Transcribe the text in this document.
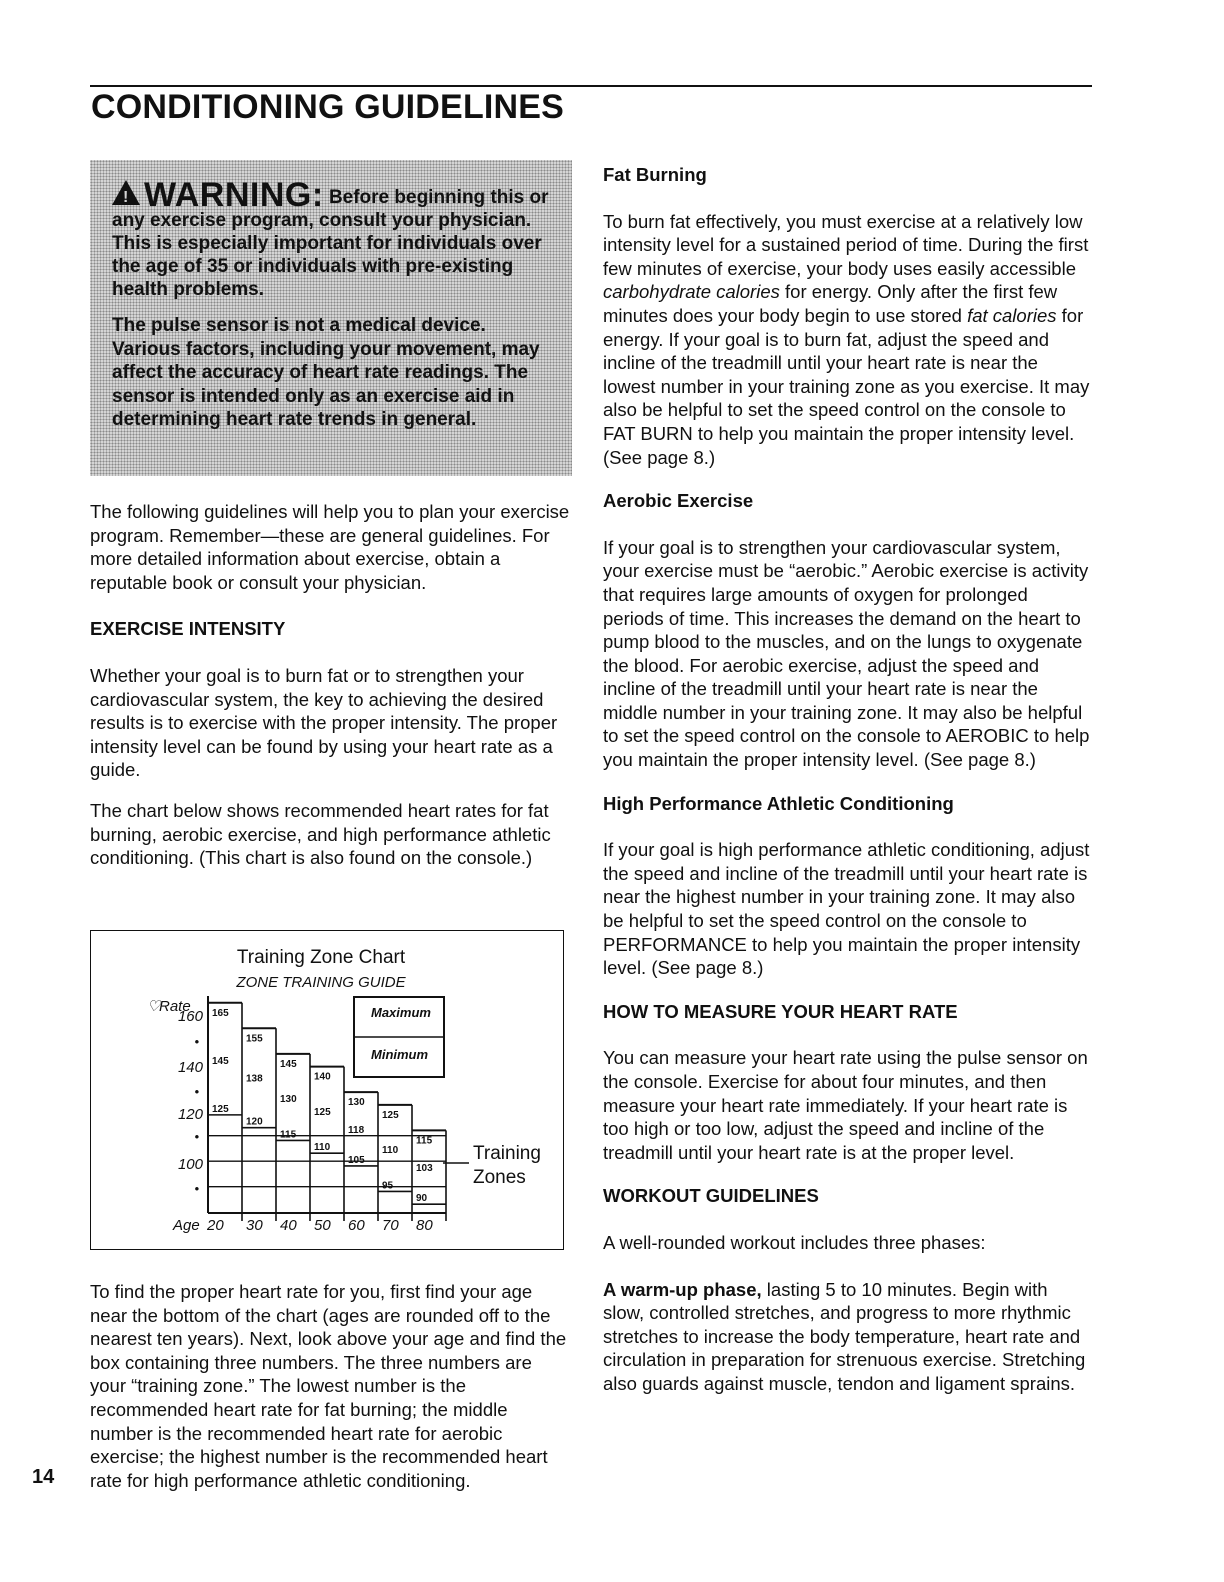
CONDITIONING GUIDELINES
!WARNING: Before beginning this or any exercise program, consult your physician. This is especially important for individuals over the age of 35 or individuals with pre-existing health problems.
The pulse sensor is not a medical device. Various factors, including your movement, may affect the accuracy of heart rate readings. The sensor is intended only as an exercise aid in determining heart rate trends in general.

The following guidelines will help you to plan your exercise program. Remember—these are general guidelines. For more detailed information about exercise, obtain a reputable book or consult your physician.

EXERCISE INTENSITY

Whether your goal is to burn fat or to strengthen your cardiovascular system, the key to achieving the desired results is to exercise with the proper intensity. The proper intensity level can be found by using your heart rate as a guide.

The chart below shows recommended heart rates for fat burning, aerobic exercise, and high performance athletic conditioning. (This chart is also found on the console.)

Training Zone Chart
ZONE TRAINING GUIDE
♡
Rate
Age
165
145
125
20
155
138
120
30
145
130
115
40
140
125
110
50
130
118
105
60
125
110
95
70
115
103
90
80
160
•
140
•
120
•
100
•
Maximum
Minimum
Training
Zones

To find the proper heart rate for you, first find your age near the bottom of the chart (ages are rounded off to the nearest ten years). Next, look above your age and find the box containing three numbers. The three numbers are your “training zone.” The lowest number is the recommended heart rate for fat burning; the middle number is the recommended heart rate for aerobic exercise; the highest number is the recommended heart rate for high performance athletic conditioning.

Fat Burning

To burn fat effectively, you must exercise at a relatively low intensity level for a sustained period of time. During the first few minutes of exercise, your body uses easily accessible carbohydrate calories for energy. Only after the first few minutes does your body begin to use stored fat calories for energy. If your goal is to burn fat, adjust the speed and incline of the treadmill until your heart rate is near the lowest number in your training zone as you exercise. It may also be helpful to set the speed control on the console to FAT BURN to help you maintain the proper intensity level. (See page 8.)

Aerobic Exercise

If your goal is to strengthen your cardiovascular system, your exercise must be “aerobic.” Aerobic exercise is activity that requires large amounts of oxygen for prolonged periods of time. This increases the demand on the heart to pump blood to the muscles, and on the lungs to oxygenate the blood. For aerobic exercise, adjust the speed and incline of the treadmill until your heart rate is near the middle number in your training zone. It may also be helpful to set the speed control on the console to AEROBIC to help you maintain the proper intensity level. (See page 8.)

High Performance Athletic Conditioning

If your goal is high performance athletic conditioning, adjust the speed and incline of the treadmill until your heart rate is near the highest number in your training zone. It may also be helpful to set the speed control on the console to PERFORMANCE to help you maintain the proper intensity level. (See page 8.)

HOW TO MEASURE YOUR HEART RATE

You can measure your heart rate using the pulse sensor on the console. Exercise for about four minutes, and then measure your heart rate immediately. If your heart rate is too high or too low, adjust the speed and incline of the treadmill until your heart rate is at the proper level.

WORKOUT GUIDELINES

A well-rounded workout includes three phases:

A warm-up phase, lasting 5 to 10 minutes. Begin with slow, controlled stretches, and progress to more rhythmic stretches to increase the body temperature, heart rate and circulation in preparation for strenuous exercise. Stretching also guards against muscle, tendon and ligament sprains.

14
